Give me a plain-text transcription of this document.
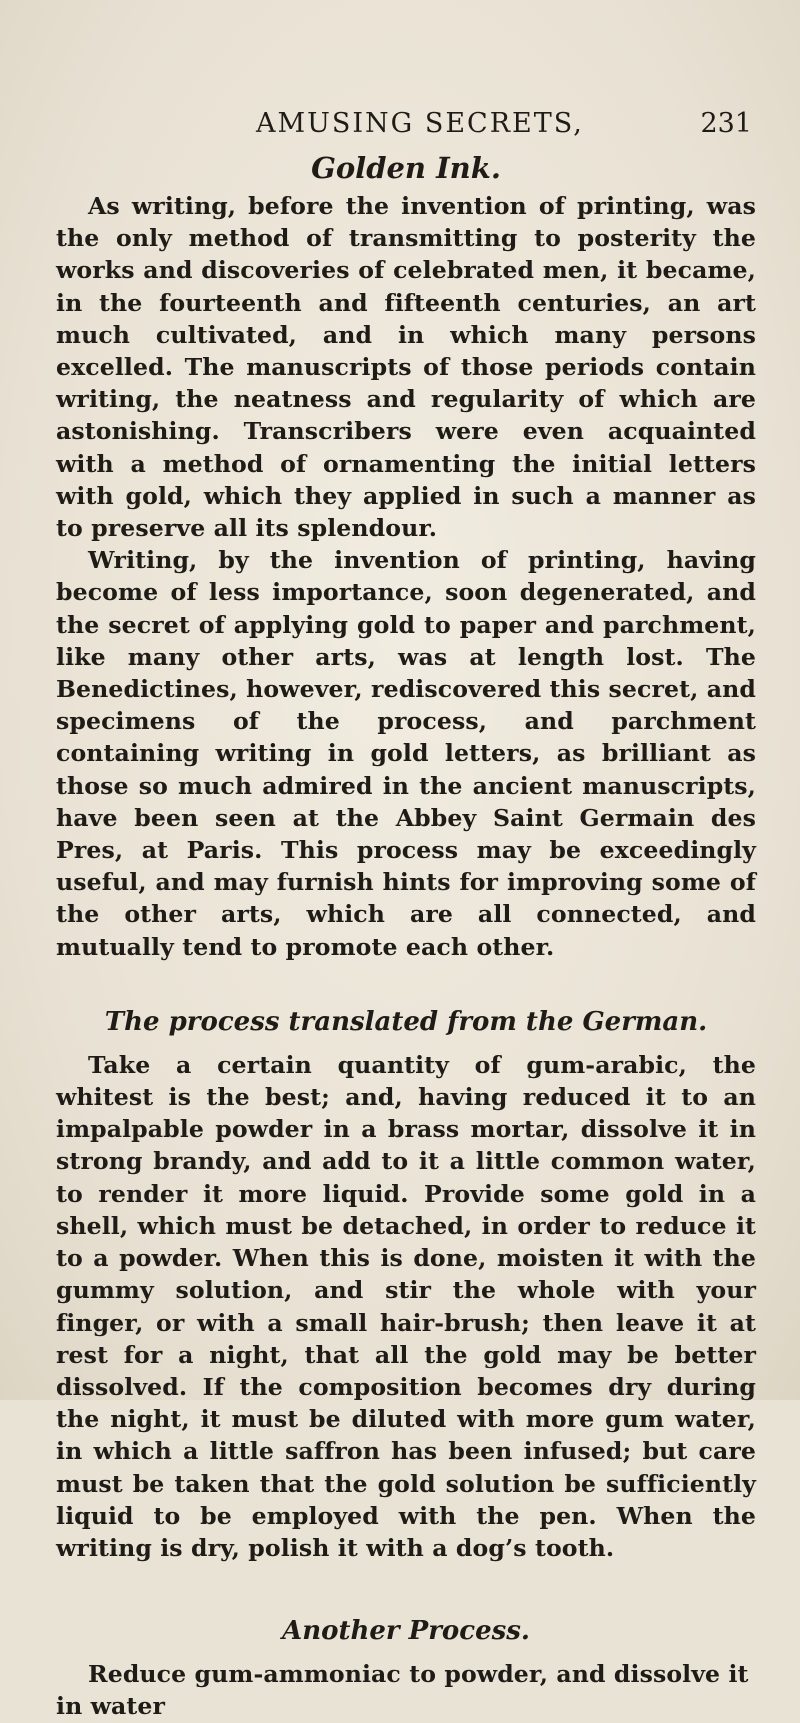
AMUSING SECRETS,	231
Golden Ink.

As writing, before the invention of printing, was the only method of transmitting to posterity the works and discoveries of celebrated men, it became, in the fourteenth and fifteenth centuries, an art much cultivated, and in which many persons excelled. The manuscripts of those periods contain writing, the neatness and regularity of which are astonishing. Transcribers were even acquainted with a method of ornamenting the initial letters with gold, which they applied in such a manner as to preserve all its splendour.

Writing, by the invention of printing, having become of less importance, soon degenerated, and the secret of applying gold to paper and parchment, like many other arts, was at length lost. The Benedictines, however, rediscovered this secret, and specimens of the process, and parchment containing writing in gold letters, as brilliant as those so much admired in the ancient manuscripts, have been seen at the Abbey Saint Germain des Pres, at Paris. This process may be exceedingly useful, and may furnish hints for improving some of the other arts, which are all connected, and mutually tend to promote each other.

The process translated from the German.

Take a certain quantity of gum-arabic, the whitest is the best; and, having reduced it to an impalpable powder in a brass mortar, dissolve it in strong brandy, and add to it a little common water, to render it more liquid. Provide some gold in a shell, which must be detached, in order to reduce it to a powder. When this is done, moisten it with the gummy solution, and stir the whole with your finger, or with a small hair-brush; then leave it at rest for a night, that all the gold may be better dissolved. If the composition becomes dry during the night, it must be diluted with more gum water, in which a little saffron has been infused; but care must be taken that the gold solution be sufficiently liquid to be employed with the pen. When the writing is dry, polish it with a dog’s tooth.

Another Process.

Reduce gum-ammoniac to powder, and dissolve it in water
